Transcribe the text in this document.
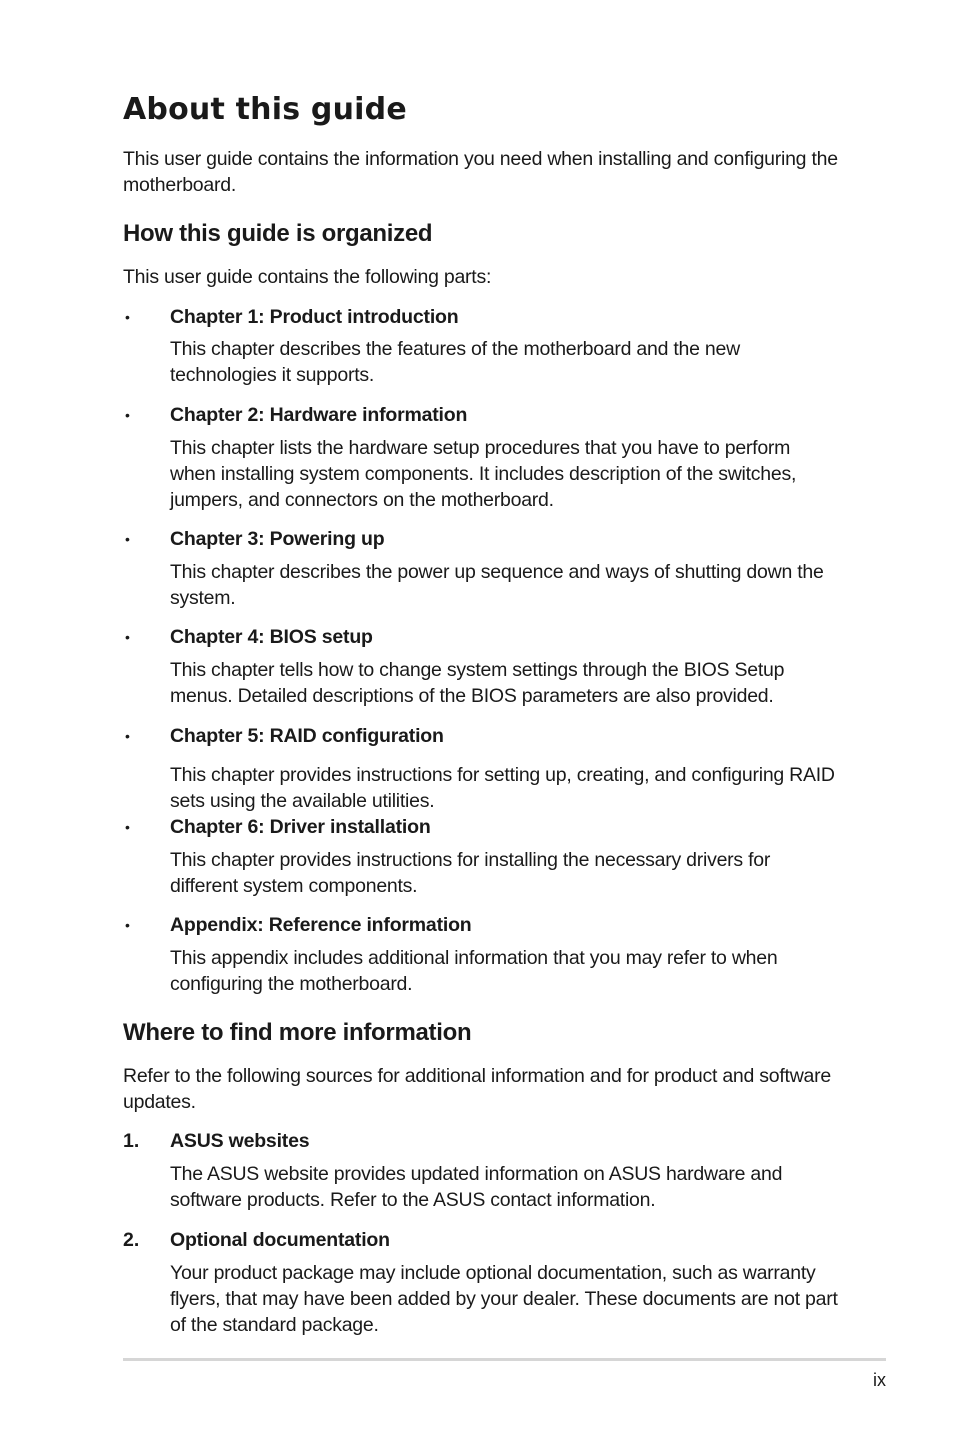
About this guide

This user guide contains the information you need when installing and configuring the motherboard.

How this guide is organized

This user guide contains the following parts:

• Chapter 1: Product introduction
This chapter describes the features of the motherboard and the new technologies it supports.
• Chapter 2: Hardware information
This chapter lists the hardware setup procedures that you have to perform when installing system components. It includes description of the switches, jumpers, and connectors on the motherboard.
• Chapter 3: Powering up
This chapter describes the power up sequence and ways of shutting down the system.
• Chapter 4: BIOS setup
This chapter tells how to change system settings through the BIOS Setup menus. Detailed descriptions of the BIOS parameters are also provided.
• Chapter 5: RAID configuration
This chapter provides instructions for setting up, creating, and configuring RAID sets using the available utilities.
• Chapter 6: Driver installation
This chapter provides instructions for installing the necessary drivers for different system components.
• Appendix: Reference information
This appendix includes additional information that you may refer to when configuring the motherboard.
Where to find more information

Refer to the following sources for additional information and for product and software updates.

1. ASUS websites
The ASUS website provides updated information on ASUS hardware and software products. Refer to the ASUS contact information.
2. Optional documentation
Your product package may include optional documentation, such as warranty flyers, that may have been added by your dealer. These documents are not part of the standard package.
ix
